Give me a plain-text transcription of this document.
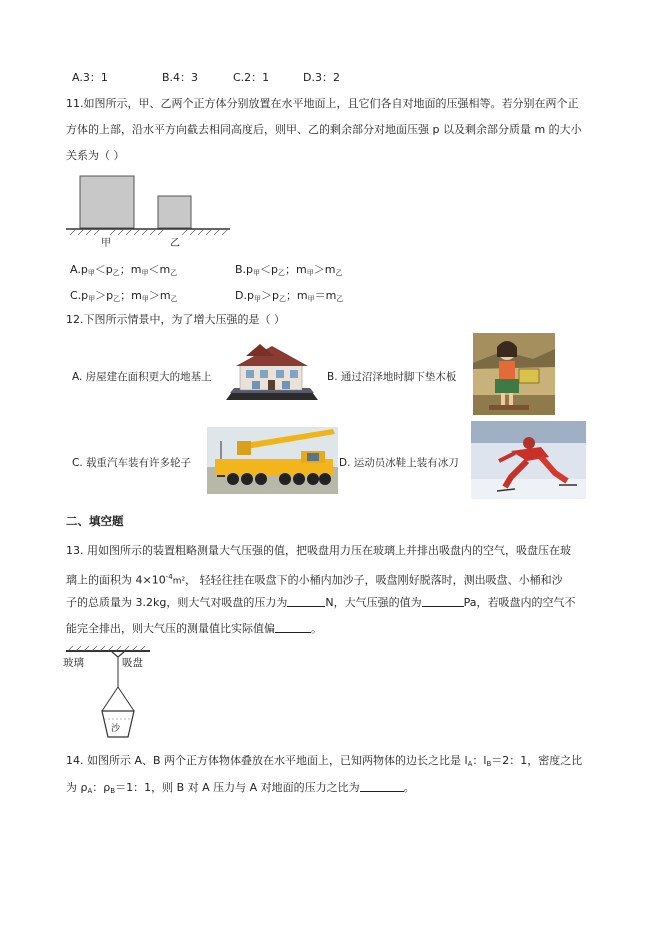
A.3：1	B.4：3	C.2：1	D.3：2
11.如图所示，甲、乙两个正方体分别放置在水平地面上，且它们各自对地面的压强相等。若分别在两个正
方体的上部，沿水平方向截去相同高度后，则甲、乙的剩余部分对地面压强 p 以及剩余部分质量 m 的大小
关系为（ ）
甲	乙
$A.p_甲<p_乙$；$m_甲<m_乙$	$B.p_甲<p_乙$；$m_甲>m_乙$
$C.p_甲>p_乙$；$m_甲>m_乙$	$D.p_甲>p_乙$；$m_甲=m_乙$
12.下图所示情景中，为了增大压强的是（ ）
A. 房屋建在面积更大的地基上	B. 通过沼泽地时脚下垫木板
C. 载重汽车装有许多轮子	D. 运动员冰鞋上装有冰刀
二、填空题
13. 用如图所示的装置粗略测量大气压强的值，把吸盘用力压在玻璃上并排出吸盘内的空气，吸盘压在玻
璃上的面积为 $4\times 10^{-4}m^2$， 轻轻往挂在吸盘下的小桶内加沙子，吸盘刚好脱落时，测出吸盘、小桶和沙
子的总质量为 3.2kg，则大气对吸盘的压力为	N，大气压强的值为	Pa，若吸盘内的空气不
能完全排出，则大气压的测量值比实际值偏	。
玻璃	吸盘
沙
14. 如图所示 A、B 两个正方体物体叠放在水平地面上，已知两物体的边长之比是 $l_A$：$l_B=2$：1，密度之比
为 $\rho_A$：$\rho_B=1$：1，则 B 对 A 压力与 A 对地面的压力之比为	。
